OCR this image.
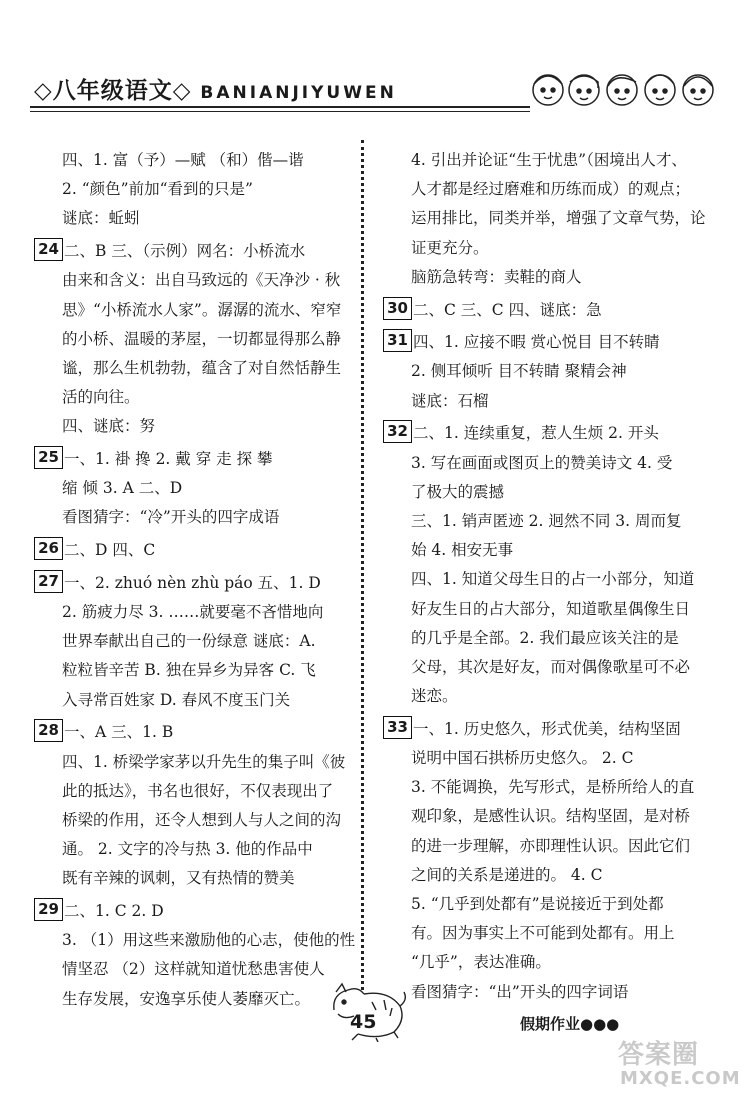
◇八年级语文◇ BANIANJIYUWEN
四、1. 富（予）—赋 （和）偕—谐
2. “颜色”前加“看到的只是”
谜底：蚯蚓
24 二、B 三、（示例）网名：小桥流水
由来和含义：出自马致远的《天净沙 · 秋
思》“小桥流水人家”。潺潺的流水、窄窄
的小桥、温暖的茅屋，一切都显得那么静
谧，那么生机勃勃，蕴含了对自然恬静生
活的向往。
四、谜底：努
25 一、1. 褂 搀 2. 戴 穿 走 探 攀
缩 倾 3. A 二、D
看图猜字：“冷”开头的四字成语
26 二、D 四、C
27 一、2. zhuó nèn zhù páo 五、1. D
2. 筋疲力尽 3. ……就要毫不吝惜地向
世界奉献出自己的一份绿意 谜底：A.
粒粒皆辛苦 B. 独在异乡为异客 C. 飞
入寻常百姓家 D. 春风不度玉门关
28 一、A 三、1. B
四、1. 桥梁学家茅以升先生的集子叫《彼
此的抵达》，书名也很好，不仅表现出了
桥梁的作用，还令人想到人与人之间的沟
通。 2. 文字的冷与热 3. 他的作品中
既有辛辣的讽刺，又有热情的赞美
29 二、1. C 2. D
3. （1）用这些来激励他的心志，使他的性
情坚忍 （2）这样就知道忧愁患害使人
生存发展，安逸享乐使人萎靡灭亡。
4. 引出并论证“生于忧患”（困境出人才、
人才都是经过磨难和历练而成）的观点；
运用排比，同类并举，增强了文章气势，论
证更充分。
脑筋急转弯：卖鞋的商人
30 二、C 三、C 四、谜底：急
31 四、1. 应接不暇 赏心悦目 目不转睛
2. 侧耳倾听 目不转睛 聚精会神
谜底：石榴
32 二、1. 连续重复，惹人生烦 2. 开头
3. 写在画面或图页上的赞美诗文 4. 受
了极大的震撼
三、1. 销声匿迹 2. 迥然不同 3. 周而复
始 4. 相安无事
四、1. 知道父母生日的占一小部分，知道
好友生日的占大部分，知道歌星偶像生日
的几乎是全部。2. 我们最应该关注的是
父母，其次是好友，而对偶像歌星可不必
迷恋。
33 一、1. 历史悠久，形式优美，结构坚固
说明中国石拱桥历史悠久。 2. C
3. 不能调换，先写形式，是桥所给人的直
观印象，是感性认识。结构坚固，是对桥
的进一步理解，亦即理性认识。因此它们
之间的关系是递进的。 4. C
5. “几乎到处都有”是说接近于到处都
有。因为事实上不可能到处都有。用上
“几乎”，表达准确。
看图猜字：“出”开头的四字词语
45	假期作业●●●
答案圈
MXQE.COM
